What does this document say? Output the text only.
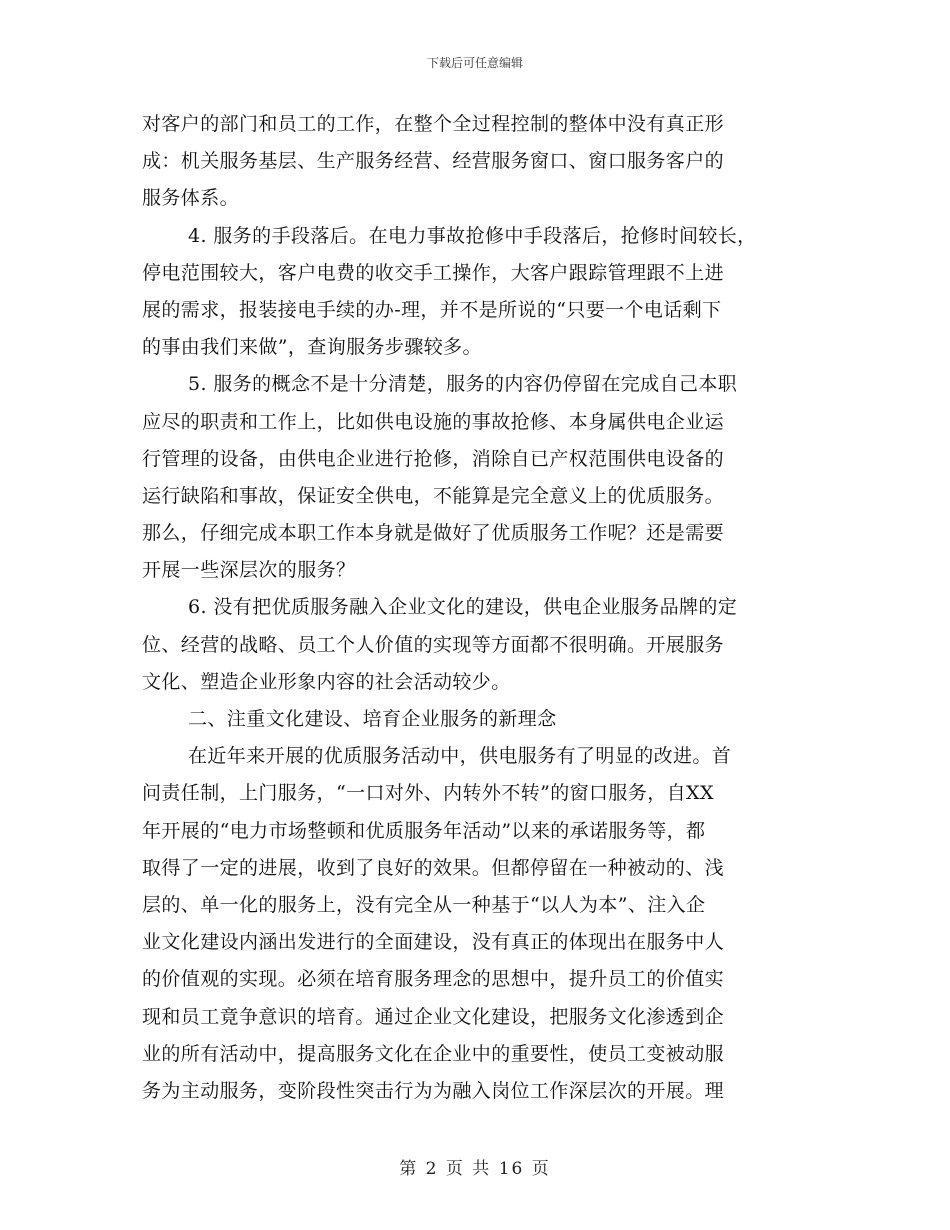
下载后可任意编辑
对客户的部门和员工的工作，在整个全过程控制的整体中没有真正形
成：机关服务基层、生产服务经营、经营服务窗口、窗口服务客户的
服务体系。
4. 服务的手段落后。在电力事故抢修中手段落后，抢修时间较长，
停电范围较大，客户电费的收交手工操作，大客户跟踪管理跟不上进
展的需求，报装接电手续的办-理，并不是所说的“只要一个电话剩下
的事由我们来做”，查询服务步骤较多。
5. 服务的概念不是十分清楚，服务的内容仍停留在完成自己本职
应尽的职责和工作上，比如供电设施的事故抢修、本身属供电企业运
行管理的设备，由供电企业进行抢修，消除自已产权范围供电设备的
运行缺陷和事故，保证安全供电，不能算是完全意义上的优质服务。
那么，仔细完成本职工作本身就是做好了优质服务工作呢？还是需要
开展一些深层次的服务？
6. 没有把优质服务融入企业文化的建设，供电企业服务品牌的定
位、经营的战略、员工个人价值的实现等方面都不很明确。开展服务
文化、塑造企业形象内容的社会活动较少。
二、注重文化建设、培育企业服务的新理念
在近年来开展的优质服务活动中，供电服务有了明显的改进。首
问责任制，上门服务，“一口对外、内转外不转”的窗口服务，自XX
年开展的“电力市场整顿和优质服务年活动”以来的承诺服务等，都
取得了一定的进展，收到了良好的效果。但都停留在一种被动的、浅
层的、单一化的服务上，没有完全从一种基于“以人为本”、注入企
业文化建设内涵出发进行的全面建设，没有真正的体现出在服务中人
的价值观的实现。必须在培育服务理念的思想中，提升员工的价值实
现和员工竟争意识的培育。通过企业文化建设，把服务文化渗透到企
业的所有活动中，提高服务文化在企业中的重要性，使员工变被动服
务为主动服务，变阶段性突击行为为融入岗位工作深层次的开展。理
第 2 页 共 16 页
